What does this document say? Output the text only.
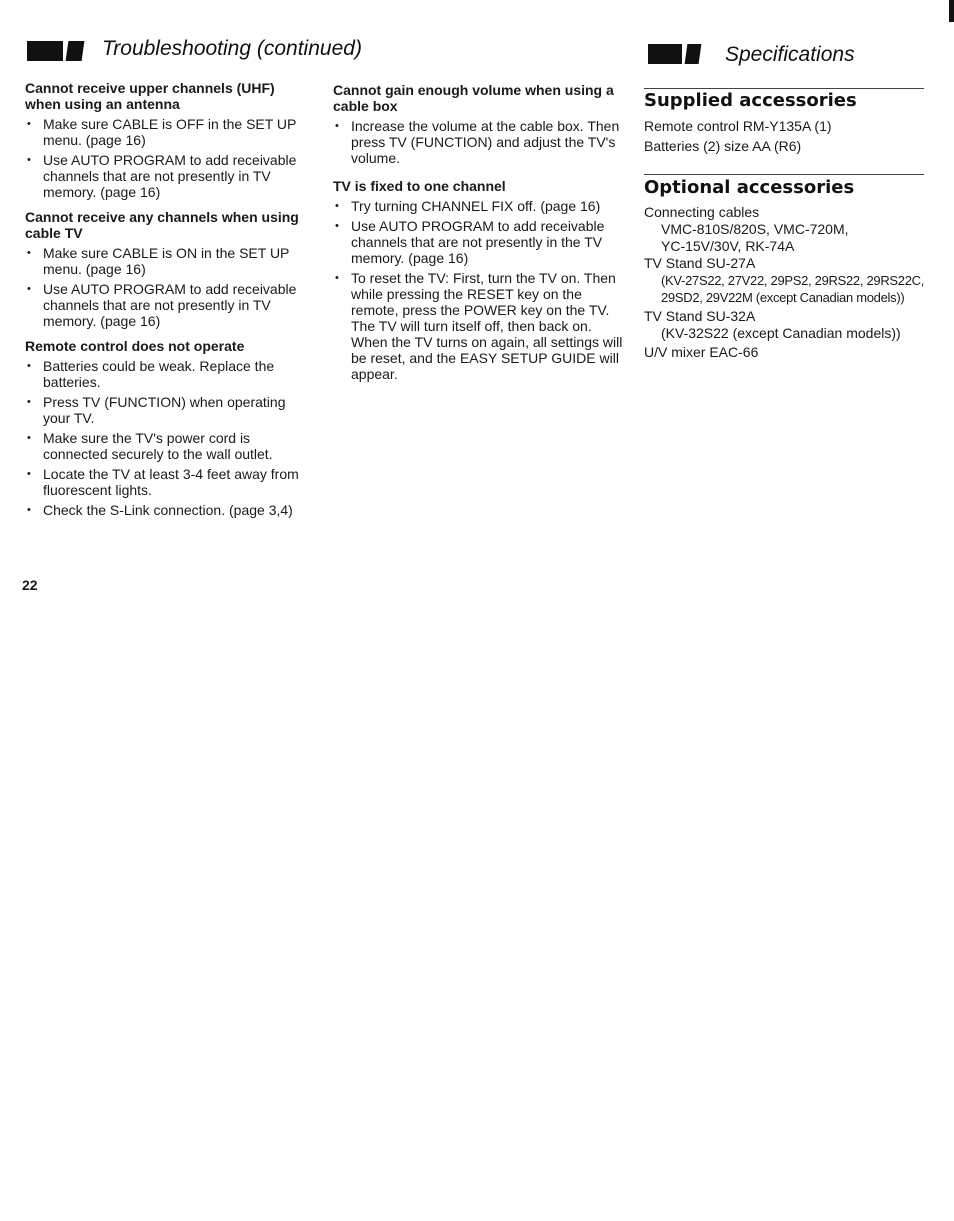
Troubleshooting (continued)

Cannot receive upper channels (UHF) when using an antenna

• Make sure CABLE is OFF in the SET UP menu. (page 16)
• Use AUTO PROGRAM to add receivable channels that are not presently in TV memory. (page 16)

Cannot receive any channels when using cable TV

• Make sure CABLE is ON in the SET UP menu. (page 16)
• Use AUTO PROGRAM to add receivable channels that are not presently in TV memory. (page 16)

Remote control does not operate

• Batteries could be weak. Replace the batteries.
• Press TV (FUNCTION) when operating your TV.
• Make sure the TV's power cord is connected securely to the wall outlet.
• Locate the TV at least 3-4 feet away from fluorescent lights.
• Check the S-Link connection. (page 3,4)

Cannot gain enough volume when using a cable box

• Increase the volume at the cable box. Then press TV (FUNCTION) and adjust the TV's volume.

TV is fixed to one channel

• Try turning CHANNEL FIX off. (page 16)
• Use AUTO PROGRAM to add receivable channels that are not presently in the TV memory. (page 16)
• To reset the TV: First, turn the TV on. Then while pressing the RESET key on the remote, press the POWER key on the TV. The TV will turn itself off, then back on. When the TV turns on again, all settings will be reset, and the EASY SETUP GUIDE will appear.
Specifications
Supplied accessories

Remote control RM-Y135A (1)

Batteries (2) size AA (R6)

Optional accessories

Connecting cables

VMC-810S/820S, VMC-720M,

YC-15V/30V, RK-74A

TV Stand SU-27A

(KV-27S22, 27V22, 29PS2, 29RS22, 29RS22C, 29SD2, 29V22M (except Canadian models))

TV Stand SU-32A

(KV-32S22 (except Canadian models))

U/V mixer EAC-66

22
